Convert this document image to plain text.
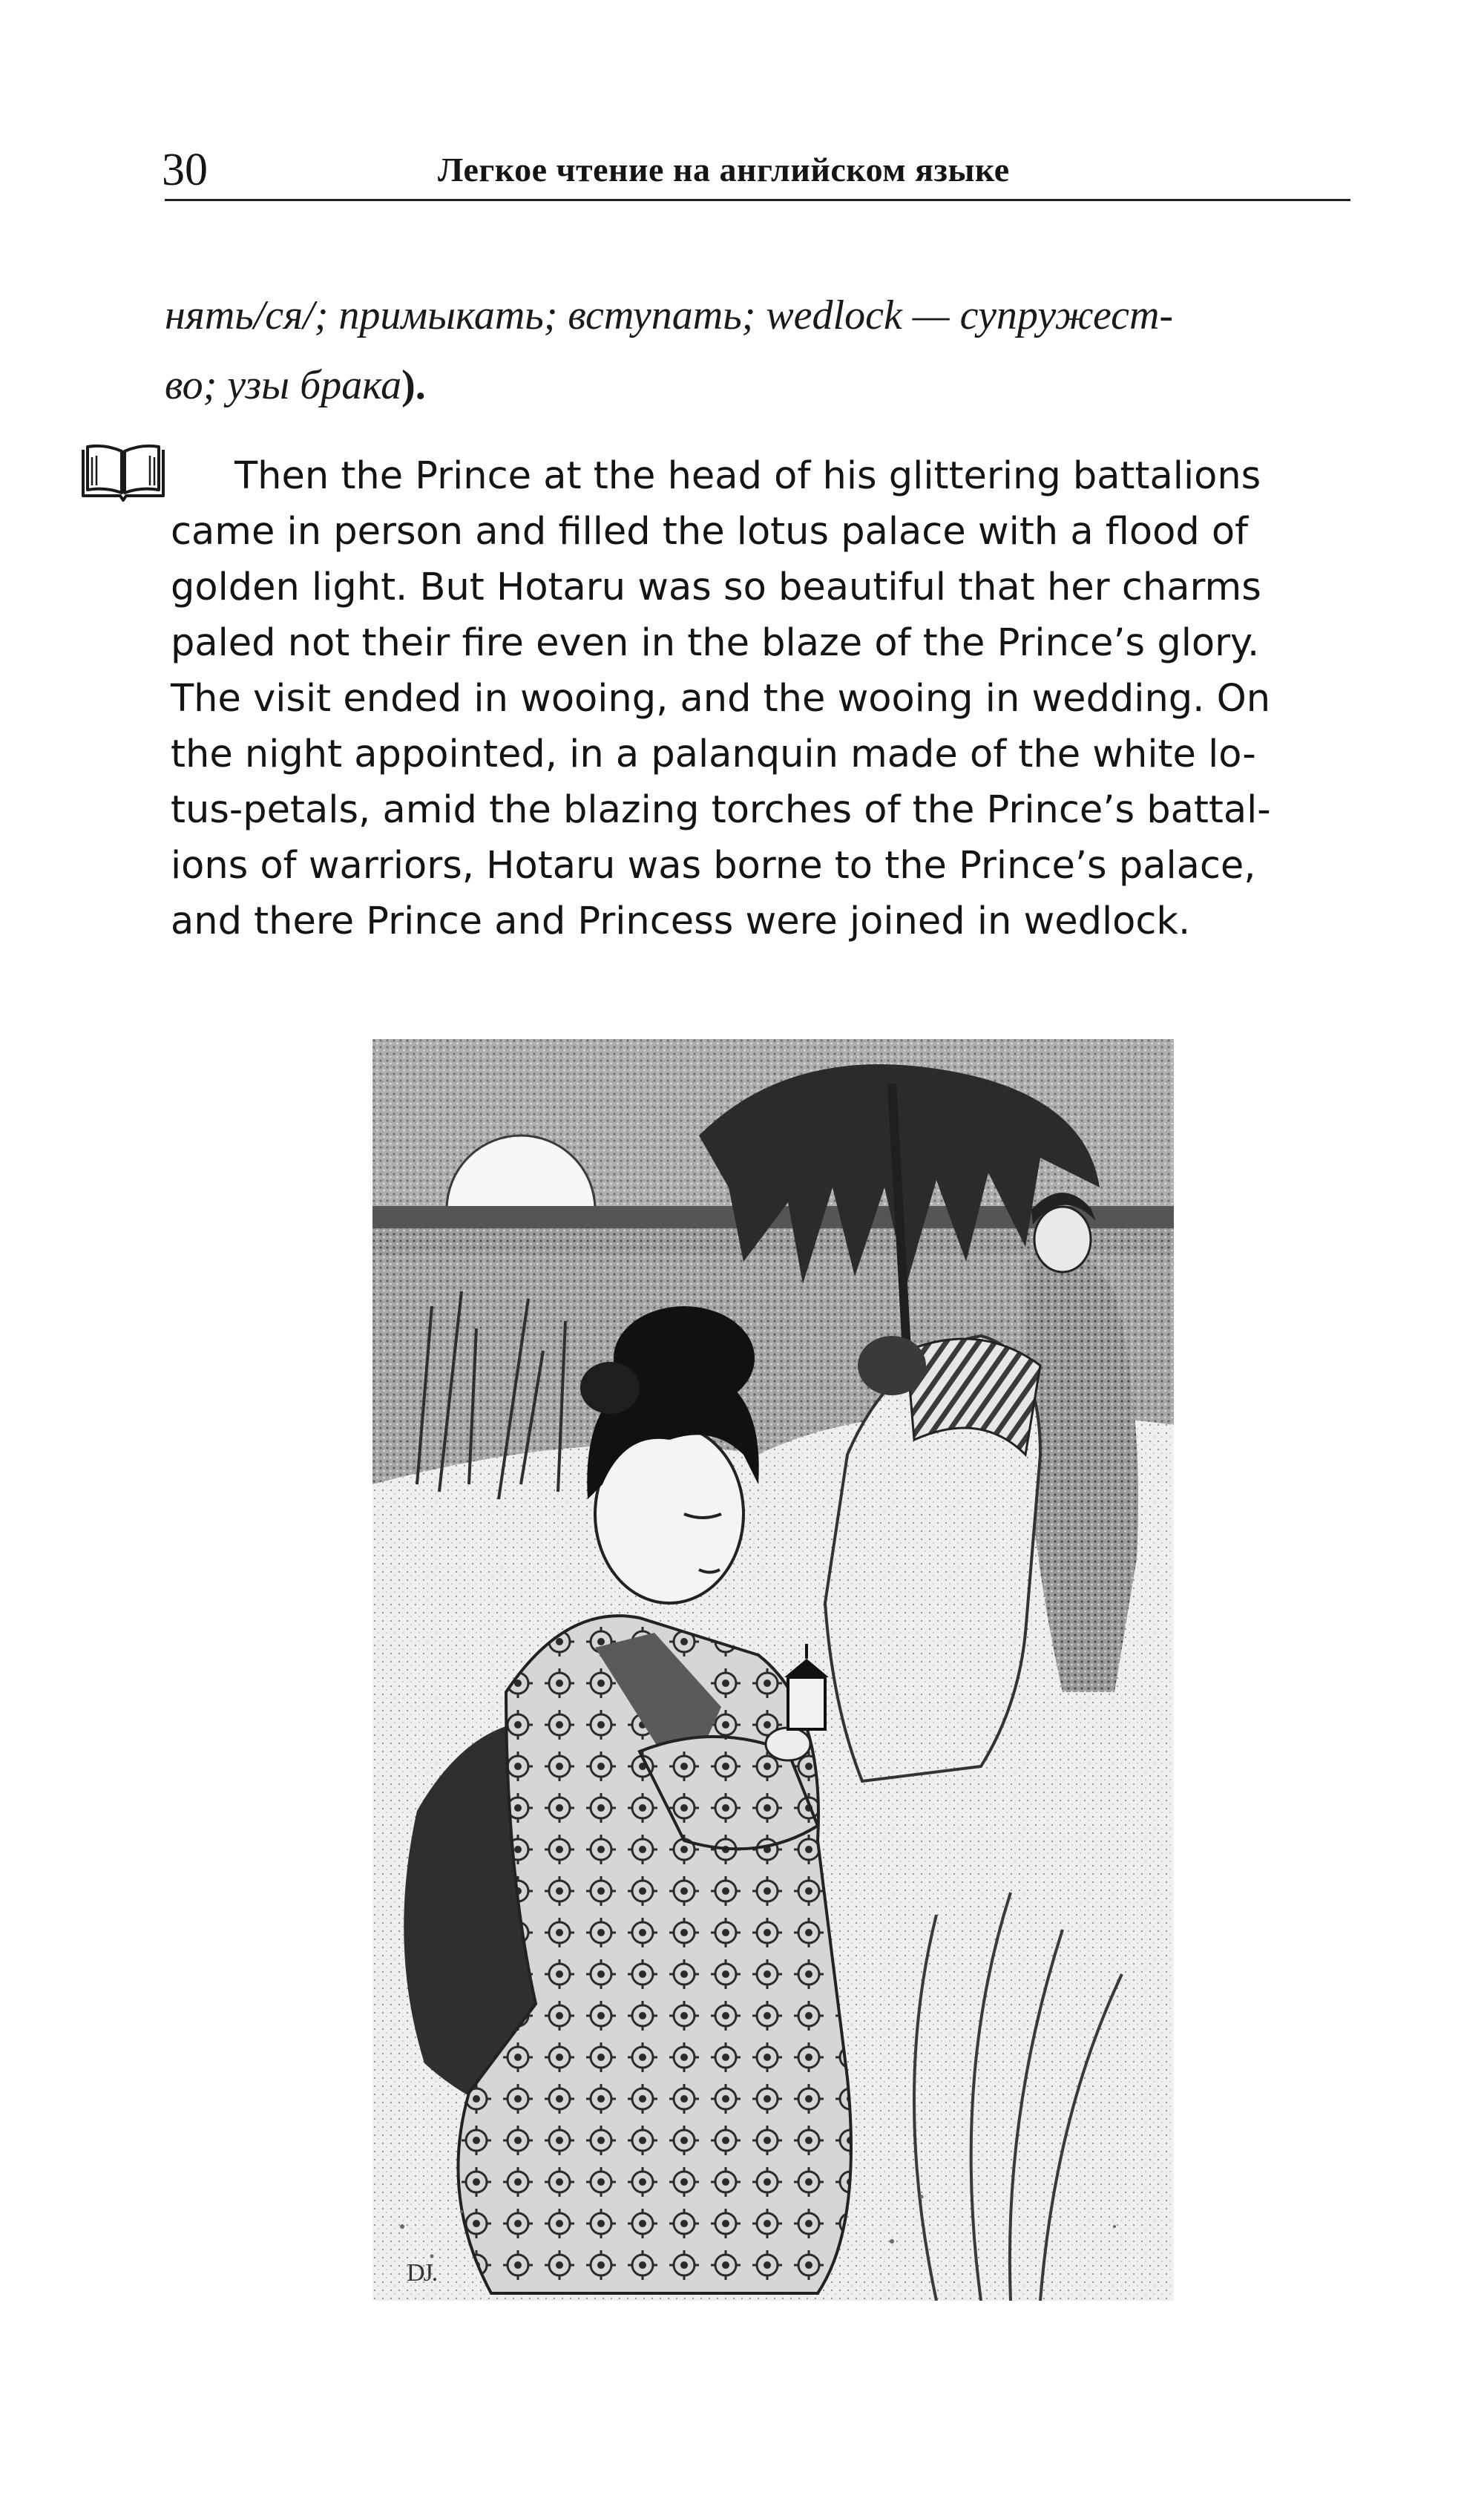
30	Легкое чтение на английском языке

нять/ся/; примыкать; вступать; wedlock — супружест-

во; узы брака).

Then the Prince at the head of his glittering battalions

came in person and filled the lotus palace with a flood of

golden light. But Hotaru was so beautiful that her charms

paled not their fire even in the blaze of the Prince’s glory.

The visit ended in wooing, and the wooing in wedding. On

the night appointed, in a palanquin made of the white lo-

tus-petals, amid the blazing torches of the Prince’s battal-

ions of warriors, Hotaru was borne to the Prince’s palace,

and there Prince and Princess were joined in wedlock.

DJ.
